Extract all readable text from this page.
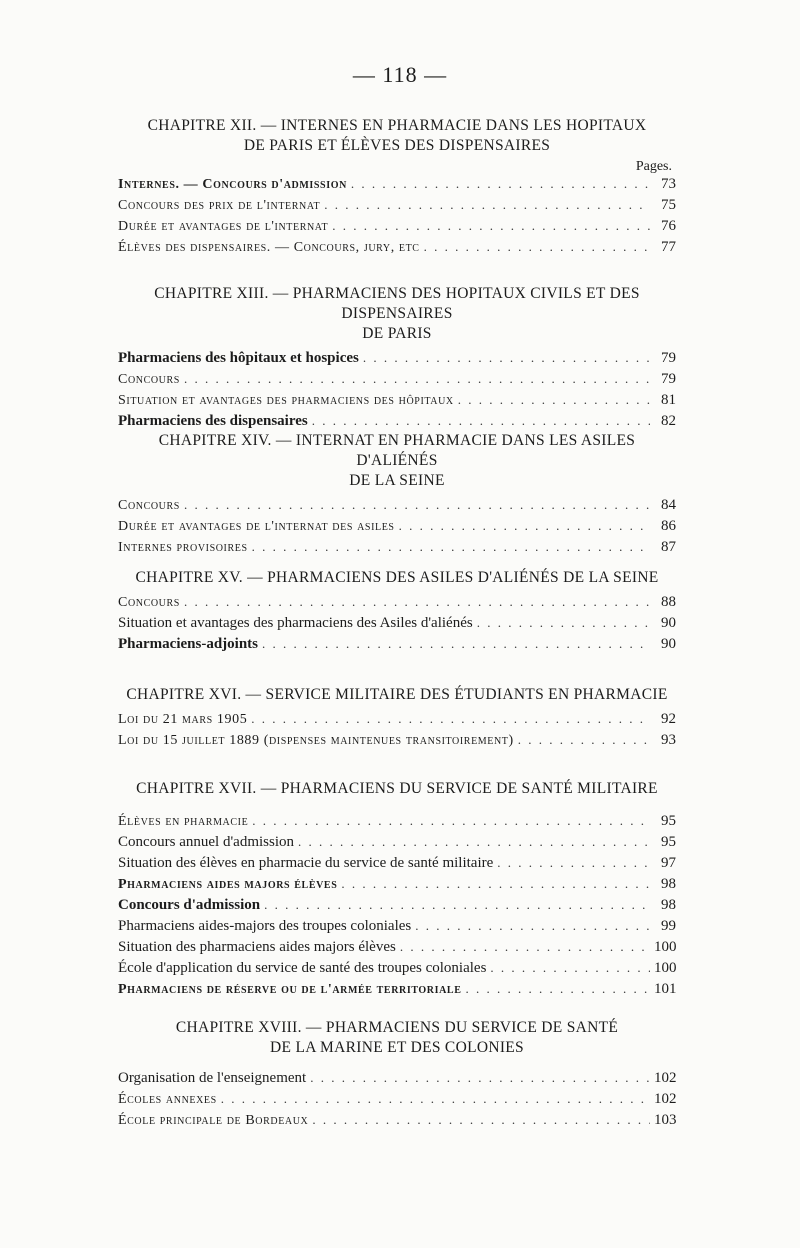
— 118 —
CHAPITRE XII. — INTERNES EN PHARMACIE DANS LES HOPITAUX
DE PARIS ET ÉLÈVES DES DISPENSAIRES
Pages.
Internes. — Concours d'admission . . .	73
Concours des prix de l'internat . . .	75
Durée et avantages de l'internat . . .	76
Élèves des dispensaires. — Concours, jury, etc . . .	77
CHAPITRE XIII. — PHARMACIENS DES HOPITAUX CIVILS ET DES DISPENSAIRES
DE PARIS
Pharmaciens des hôpitaux et hospices . . .	79
Concours . . .	79
Situation et avantages des pharmaciens des hôpitaux . . .	81
Pharmaciens des dispensaires . . .	82
CHAPITRE XIV. — INTERNAT EN PHARMACIE DANS LES ASILES D'ALIÉNÉS
DE LA SEINE
Concours . . .	84
Durée et avantages de l'internat des asiles . . .	86
Internes provisoires . . .	87
CHAPITRE XV. — PHARMACIENS DES ASILES D'ALIÉNÉS DE LA SEINE
Concours . . .	88
Situation et avantages des pharmaciens des Asiles d'aliénés . . .	90
Pharmaciens-adjoints . . .	90
CHAPITRE XVI. — SERVICE MILITAIRE DES ÉTUDIANTS EN PHARMACIE
Loi du 21 mars 1905 . . .	92
Loi du 15 juillet 1889 (dispenses maintenues transitoirement) . . .	93
CHAPITRE XVII. — PHARMACIENS DU SERVICE DE SANTÉ MILITAIRE
Élèves en pharmacie . . .	95
Concours annuel d'admission . . .	95
Situation des élèves en pharmacie du service de santé militaire . . .	97
Pharmaciens aides majors élèves . . .	98
Concours d'admission . . .	98
Pharmaciens aides-majors des troupes coloniales . . .	99
Situation des pharmaciens aides majors élèves . . .	100
École d'application du service de santé des troupes coloniales . . .	100
Pharmaciens de réserve ou de l'armée territoriale . . .	101
CHAPITRE XVIII. — PHARMACIENS DU SERVICE DE SANTÉ
DE LA MARINE ET DES COLONIES
Organisation de l'enseignement . . .	102
Écoles annexes . . .	102
École principale de Bordeaux . . .	103
